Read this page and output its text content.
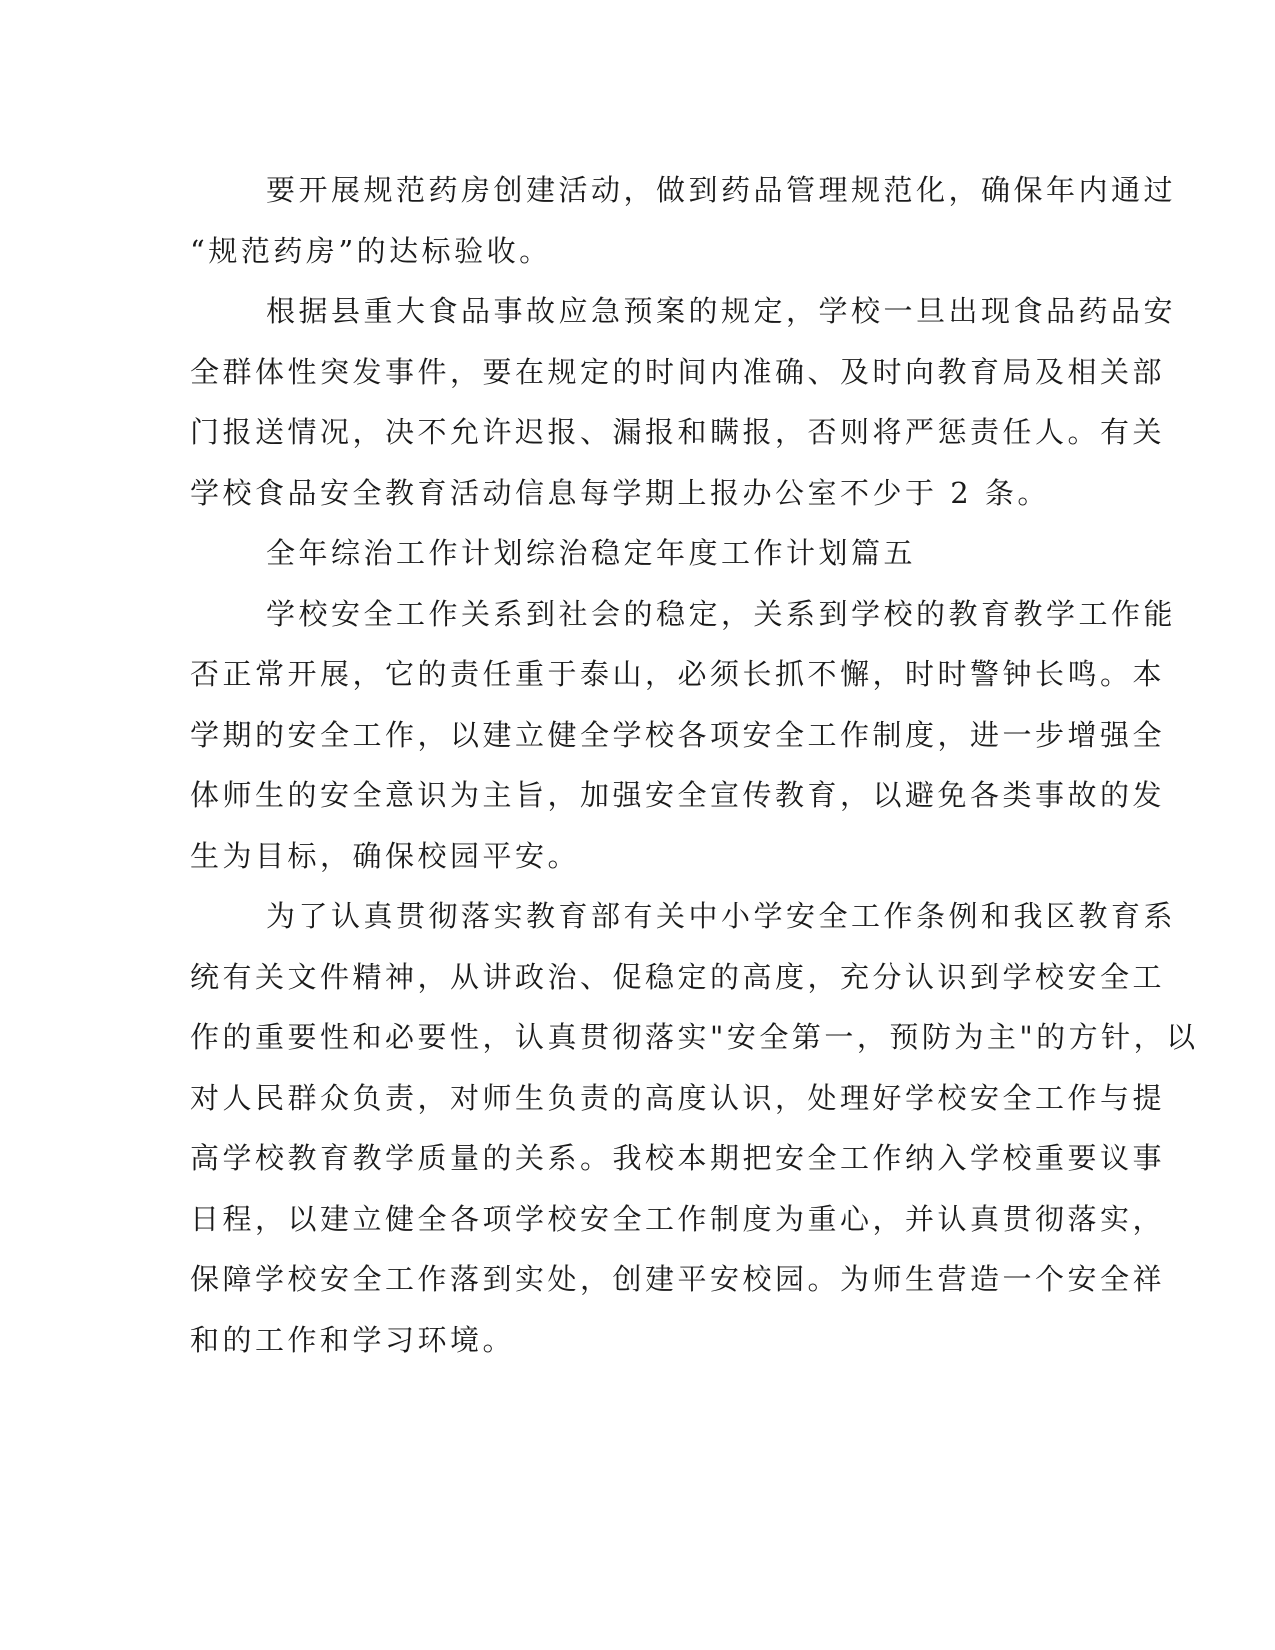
要开展规范药房创建活动，做到药品管理规范化，确保年内通过
“规范药房”的达标验收。

根据县重大食品事故应急预案的规定，学校一旦出现食品药品安
全群体性突发事件，要在规定的时间内准确、及时向教育局及相关部
门报送情况，决不允许迟报、漏报和瞒报，否则将严惩责任人。有关
学校食品安全教育活动信息每学期上报办公室不少于 2 条。

全年综治工作计划综治稳定年度工作计划篇五

学校安全工作关系到社会的稳定，关系到学校的教育教学工作能
否正常开展，它的责任重于泰山，必须长抓不懈，时时警钟长鸣。本
学期的安全工作，以建立健全学校各项安全工作制度，进一步增强全
体师生的安全意识为主旨，加强安全宣传教育，以避免各类事故的发
生为目标，确保校园平安。

为了认真贯彻落实教育部有关中小学安全工作条例和我区教育系
统有关文件精神，从讲政治、促稳定的高度，充分认识到学校安全工
作的重要性和必要性，认真贯彻落实"安全第一，预防为主"的方针，以
对人民群众负责，对师生负责的高度认识，处理好学校安全工作与提
高学校教育教学质量的关系。我校本期把安全工作纳入学校重要议事
日程，以建立健全各项学校安全工作制度为重心，并认真贯彻落实，
保障学校安全工作落到实处，创建平安校园。为师生营造一个安全祥
和的工作和学习环境。
